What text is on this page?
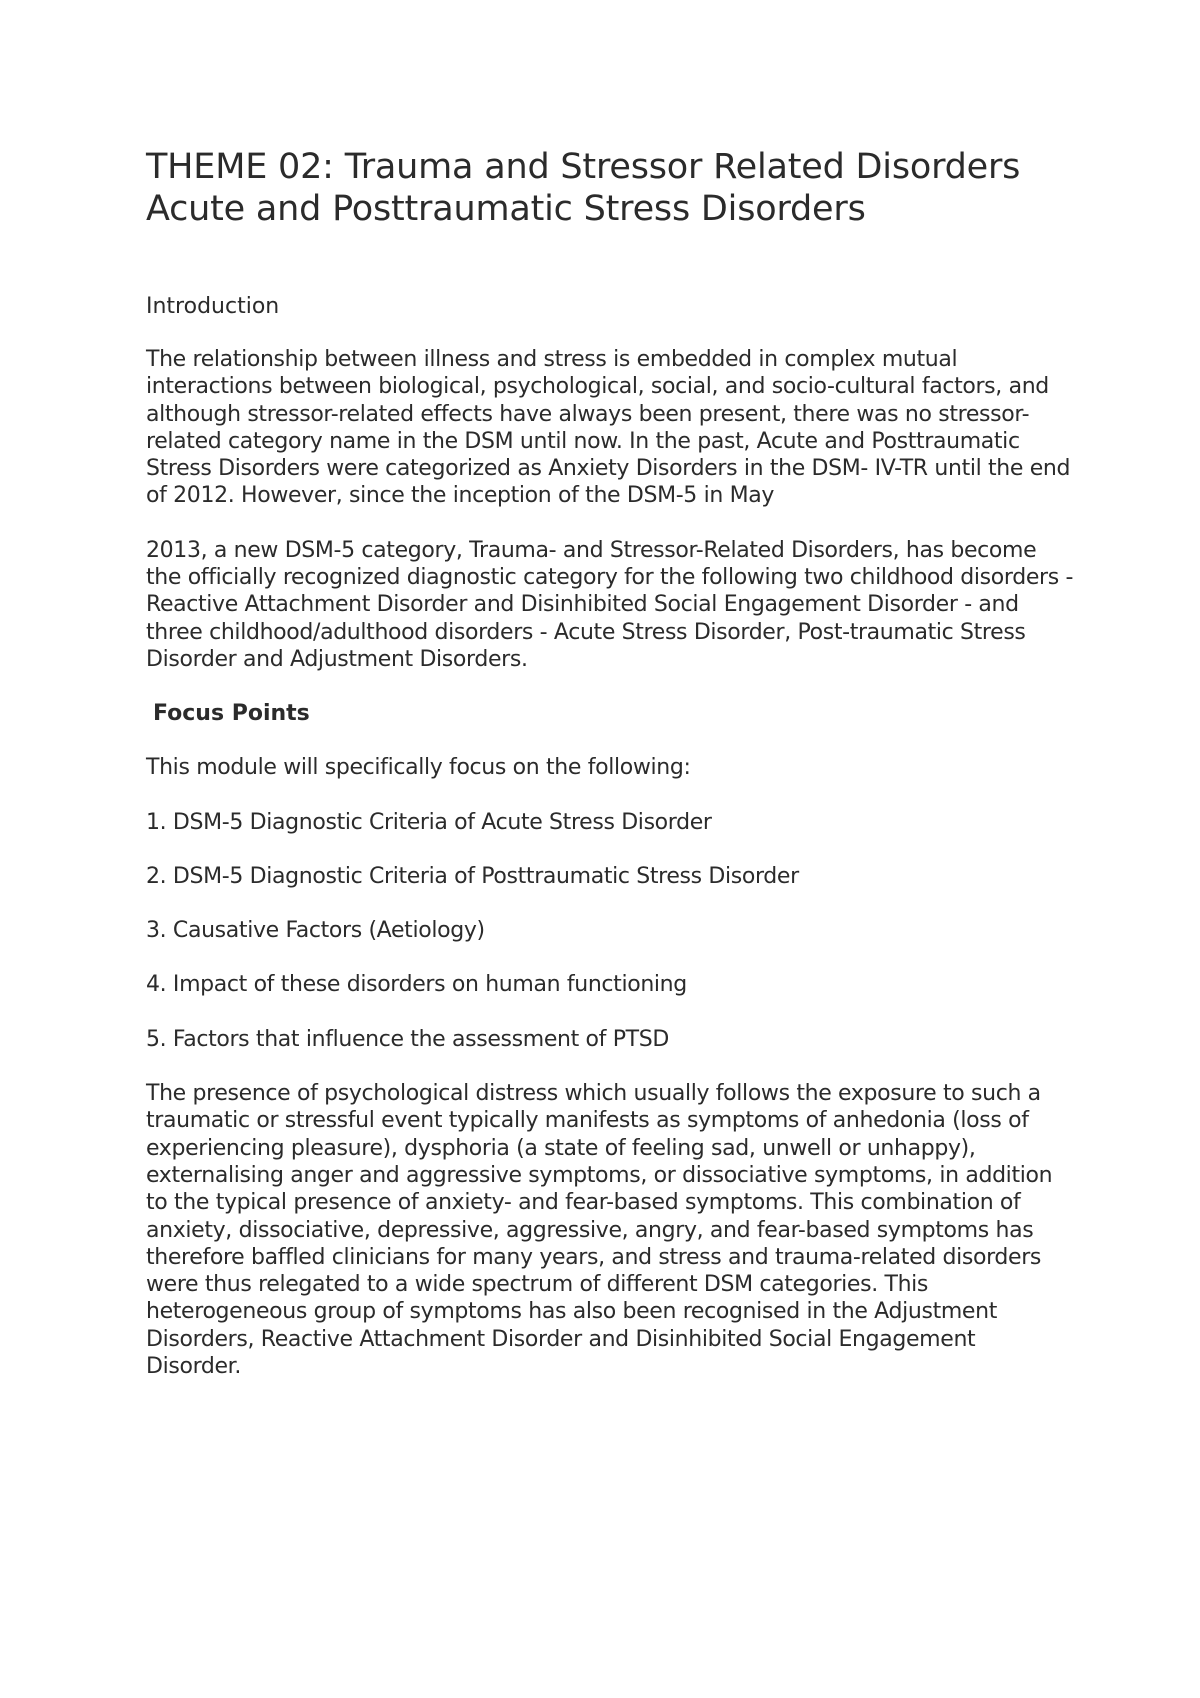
THEME 02: Trauma and Stressor Related Disorders Acute and Posttraumatic Stress Disorders
Introduction

The relationship between illness and stress is embedded in complex mutual interactions between biological, psychological, social, and socio-cultural factors, and although stressor-related effects have always been present, there was no stressor-related category name in the DSM until now. In the past, Acute and Posttraumatic Stress Disorders were categorized as Anxiety Disorders in the DSM- IV-TR until the end of 2012. However, since the inception of the DSM-5 in May

2013, a new DSM-5 category, Trauma- and Stressor-Related Disorders, has become the officially recognized diagnostic category for the following two childhood disorders - Reactive Attachment Disorder and Disinhibited Social Engagement Disorder - and three childhood/adulthood disorders - Acute Stress Disorder, Post-traumatic Stress Disorder and Adjustment Disorders.

Focus Points

This module will specifically focus on the following:

1. DSM-5 Diagnostic Criteria of Acute Stress Disorder
2. DSM-5 Diagnostic Criteria of Posttraumatic Stress Disorder
3. Causative Factors (Aetiology)
4. Impact of these disorders on human functioning
5. Factors that influence the assessment of PTSD

The presence of psychological distress which usually follows the exposure to such a traumatic or stressful event typically manifests as symptoms of anhedonia (loss of experiencing pleasure), dysphoria (a state of feeling sad, unwell or unhappy), externalising anger and aggressive symptoms, or dissociative symptoms, in addition to the typical presence of anxiety- and fear-based symptoms. This combination of anxiety, dissociative, depressive, aggressive, angry, and fear-based symptoms has therefore baffled clinicians for many years, and stress and trauma-related disorders were thus relegated to a wide spectrum of different DSM categories. This heterogeneous group of symptoms has also been recognised in the Adjustment Disorders, Reactive Attachment Disorder and Disinhibited Social Engagement Disorder.
